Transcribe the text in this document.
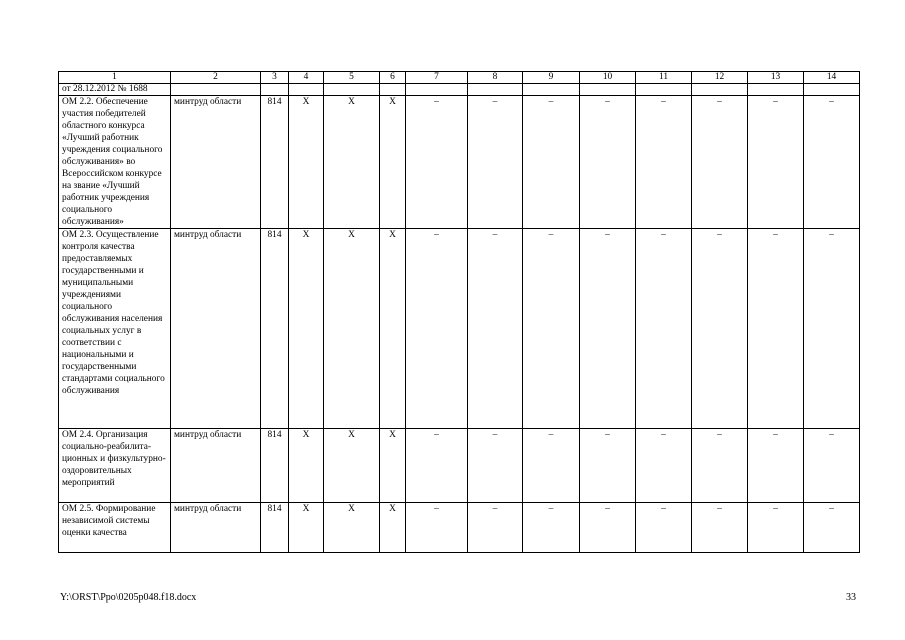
1	2	3	4	5	6	7	8	9	10	11	12	13	14
от 28.12.2012 № 1688													
ОМ 2.2. Обеспечение участия победителей областного конкурса «Лучший работник учреждения социального обслуживания» во Всероссийском конкурсе на звание «Лучший работник учреждения социального обслуживания»	минтруд области	814	X	X	X	–	–	–	–	–	–	–	–
ОМ 2.3. Осуществление контроля качества предоставляемых государственными и муниципальными учреждениями социального обслуживания населения социальных услуг в соответствии с национальными и государственными стандартами социального обслуживания	минтруд области	814	X	X	X	–	–	–	–	–	–	–	–
ОМ 2.4. Организация социально-реабилита-ционных и физкультурно-оздоровительных мероприятий	минтруд области	814	X	X	X	–	–	–	–	–	–	–	–
ОМ 2.5. Формирование независимой системы оценки качества	минтруд области	814	X	X	X	–	–	–	–	–	–	–	–
Y:\ORST\Ppo\0205p048.f18.docx	33
